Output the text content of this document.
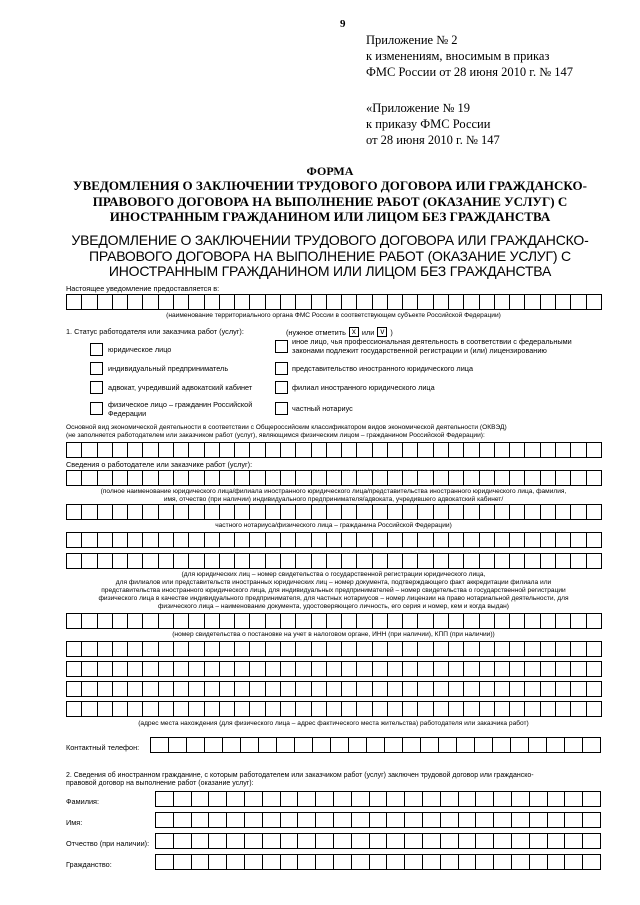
9
Приложение № 2
к изменениям, вносимым в приказ
ФМС России от 28 июня 2010 г. № 147
«Приложение № 19
к приказу ФМС России
от 28 июня 2010 г. № 147
ФОРМА
УВЕДОМЛЕНИЯ О ЗАКЛЮЧЕНИИ ТРУДОВОГО ДОГОВОРА ИЛИ ГРАЖДАНСКО-
ПРАВОВОГО ДОГОВОРА НА ВЫПОЛНЕНИЕ РАБОТ (ОКАЗАНИЕ УСЛУГ) С
ИНОСТРАННЫМ ГРАЖДАНИНОМ ИЛИ ЛИЦОМ БЕЗ ГРАЖДАНСТВА
УВЕДОМЛЕНИЕ О ЗАКЛЮЧЕНИИ ТРУДОВОГО ДОГОВОРА ИЛИ ГРАЖДАНСКО-
ПРАВОВОГО ДОГОВОРА НА ВЫПОЛНЕНИЕ РАБОТ (ОКАЗАНИЕ УСЛУГ) С
ИНОСТРАННЫМ ГРАЖДАНИНОМ ИЛИ ЛИЦОМ БЕЗ ГРАЖДАНСТВА
Настоящее уведомление предоставляется в:
(наименование территориального органа ФМС России в соответствующем субъекте Российской Федерации)
1. Статус работодателя или заказчика работ (услуг):	(нужное отметить x или v )
юридическое лицо
индивидуальный предприниматель
адвокат, учредивший адвокатский кабинет
физическое лицо – гражданин Российской Федерации
иное лицо, чья профессиональная деятельность в соответствии с федеральными законами подлежит государственной регистрации и (или) лицензированию
представительство иностранного юридического лица
филиал иностранного юридического лица
частный нотариус
Основной вид экономической деятельности в соответствии с Общероссийским классификатором видов экономической деятельности (ОКВЭД)
(не заполняется работодателем или заказчиком работ (услуг), являющимся физическим лицом – гражданином Российской Федерации):
Сведения о работодателе или заказчике работ (услуг):
(полное наименование юридического лица/филиала иностранного юридического лица/представительства иностранного юридического лица, фамилия,
имя, отчество (при наличии) индивидуального предпринимателя/адвоката, учредившего адвокатский кабинет/
частного нотариуса/физического лица – гражданина Российской Федерации)
(для юридических лиц – номер свидетельства о государственной регистрации юридического лица,
для филиалов или представительств иностранных юридических лиц – номер документа, подтверждающего факт аккредитации филиала или
представительства иностранного юридического лица, для индивидуальных предпринимателей – номер свидетельства о государственной регистрации
физического лица в качестве индивидуального предпринимателя, для частных нотариусов – номер лицензии на право нотариальной деятельности, для
физического лица – наименование документа, удостоверяющего личность, его серия и номер, кем и когда выдан)
(номер свидетельства о постановке на учет в налоговом органе, ИНН (при наличии), КПП (при наличии))
(адрес места нахождения (для физического лица – адрес фактического места жительства) работодателя или заказчика работ)
Контактный телефон:
2. Сведения об иностранном гражданине, с которым работодателем или заказчиком работ (услуг) заключен трудовой договор или гражданско-
правовой договор на выполнение работ (оказание услуг):
Фамилия:
Имя:
Отчество (при наличии):
Гражданство:
